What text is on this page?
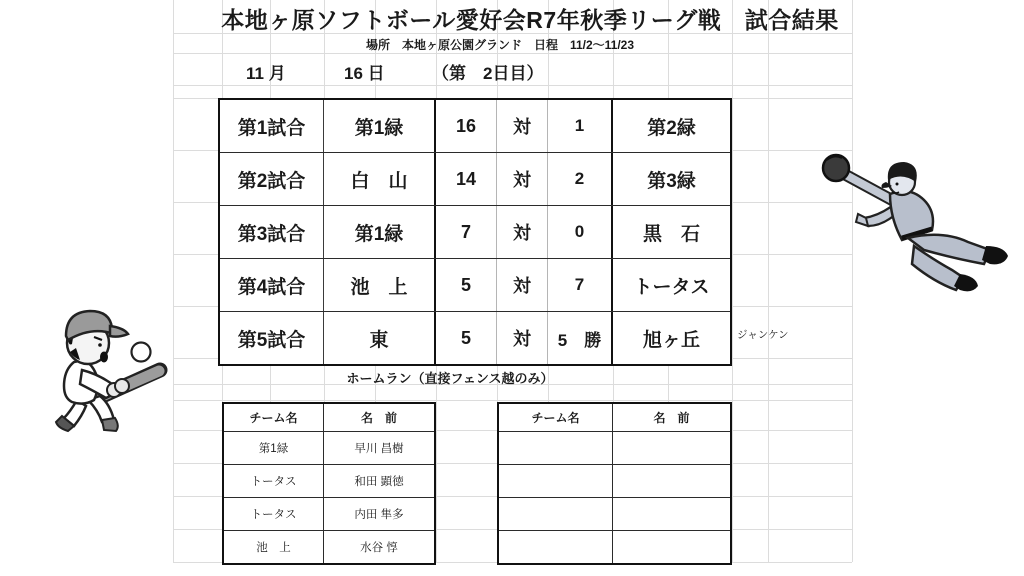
本地ヶ原ソフトボール愛好会R7年秋季リーグ戦　試合結果
場所　本地ヶ原公園グランド　日程　11/2～11/23
11 月	16 日	（第　2日目）
第1試合	第1緑	16	対	1	第2緑
第2試合	白　山	14	対	2	第3緑
第3試合	第1緑	7	対	0	黒　石
第4試合	池　上	5	対	7	トータス
第5試合	東	5	対	5　勝	旭ヶ丘	ジャンケン
ホームラン（直接フェンス越のみ）
チーム名	名　前
第1緑	早川 昌樹
トータス	和田 顕徳
トータス	内田 隼多
池　上	水谷 惇
チーム名	名　前
